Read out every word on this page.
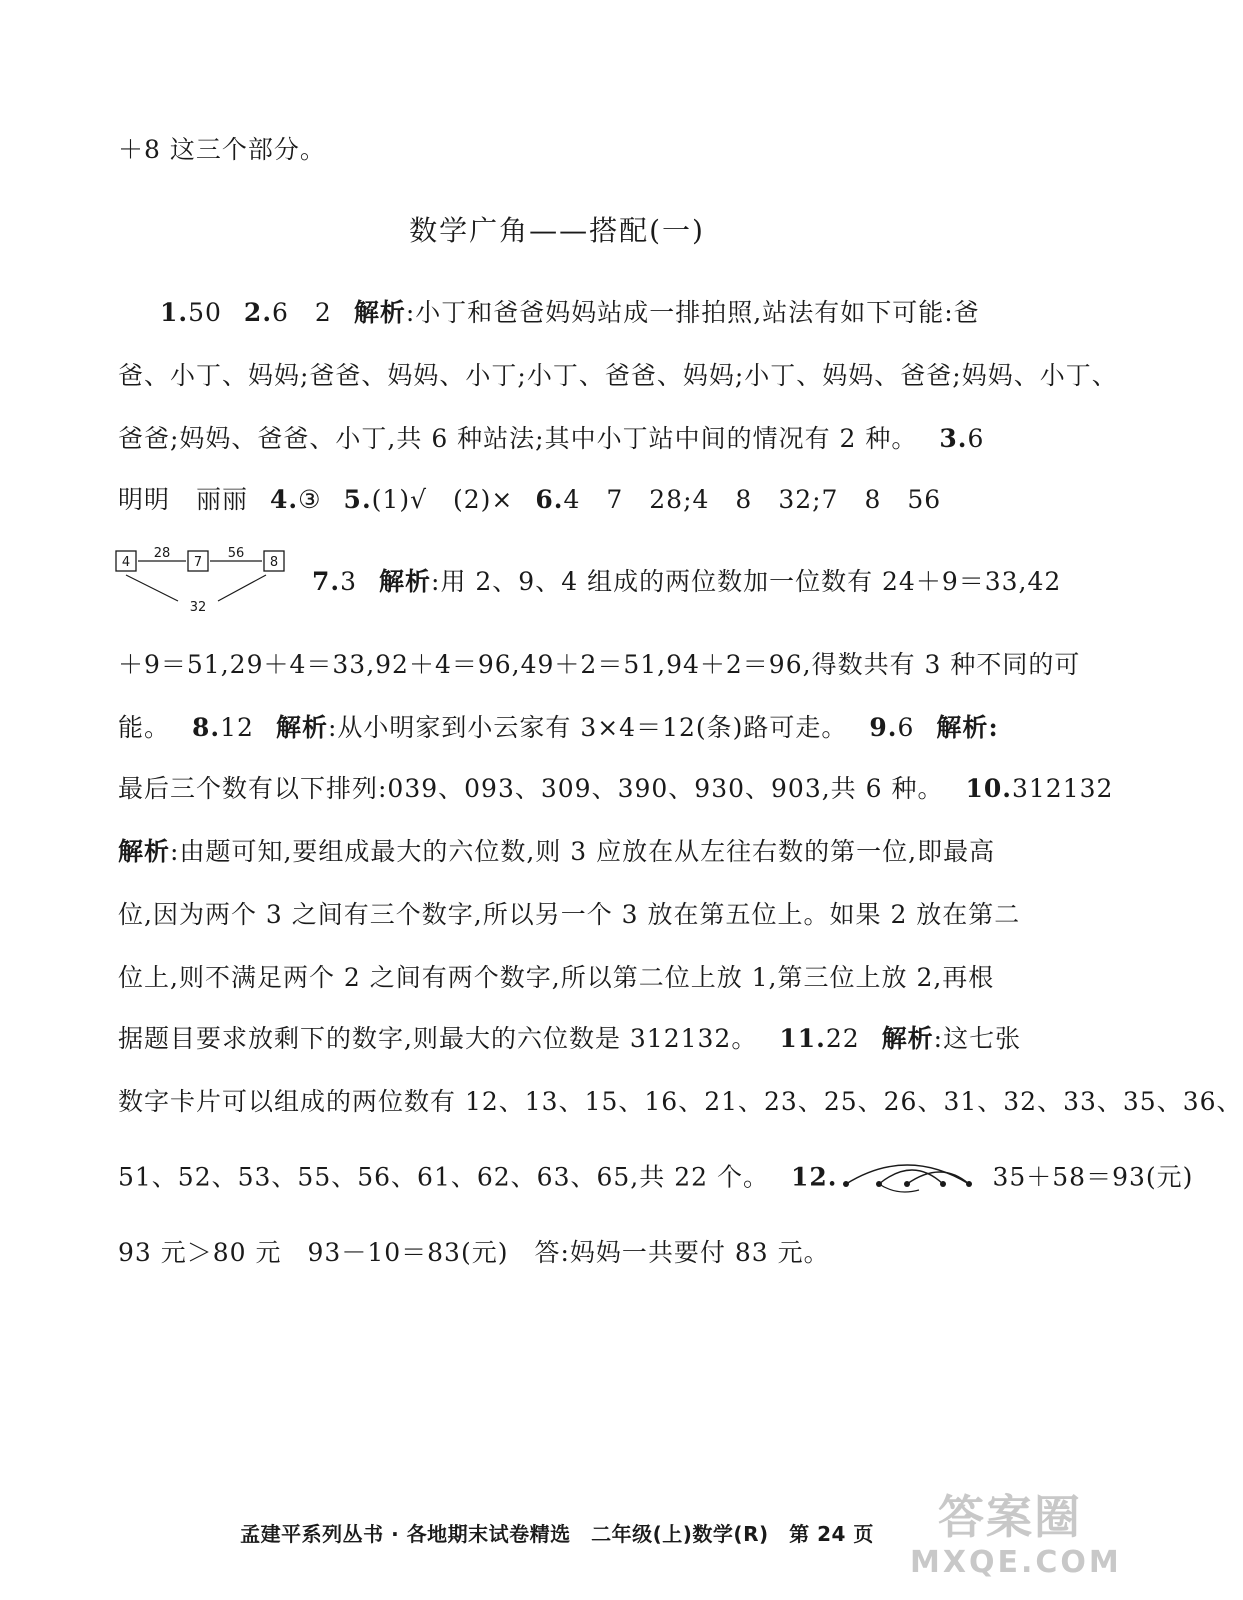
＋8 这三个部分。
数学广角——搭配(一)
1.50 2.6　2 解析:小丁和爸爸妈妈站成一排拍照,站法有如下可能:爸
爸、小丁、妈妈;爸爸、妈妈、小丁;小丁、爸爸、妈妈;小丁、妈妈、爸爸;妈妈、小丁、
爸爸;妈妈、爸爸、小丁,共 6 种站法;其中小丁站中间的情况有 2 种。 3.6
明明　丽丽 4.③ 5.(1)√　(2)× 6.4　7　28;4　8　32;7　8　56
4	7	8
28	56
32
7.3 解析:用 2、9、4 组成的两位数加一位数有 24＋9＝33,42
＋9＝51,29＋4＝33,92＋4＝96,49＋2＝51,94＋2＝96,得数共有 3 种不同的可
能。 8.12 解析:从小明家到小云家有 3×4＝12(条)路可走。 9.6 解析:
最后三个数有以下排列:039、093、309、390、930、903,共 6 种。 10.312132
解析:由题可知,要组成最大的六位数,则 3 应放在从左往右数的第一位,即最高
位,因为两个 3 之间有三个数字,所以另一个 3 放在第五位上。如果 2 放在第二
位上,则不满足两个 2 之间有两个数字,所以第二位上放 1,第三位上放 2,再根
据题目要求放剩下的数字,则最大的六位数是 312132。 11.22 解析:这七张
数字卡片可以组成的两位数有 12、13、15、16、21、23、25、26、31、32、33、35、36、
51、52、53、55、56、61、62、63、65,共 22 个。 12.	35＋58＝93(元)
93 元＞80 元　93－10＝83(元)　答:妈妈一共要付 83 元。
孟建平系列丛书 · 各地期末试卷精选　二年级(上)数学(R)　第 24 页	答案圈
MXQE.COM
